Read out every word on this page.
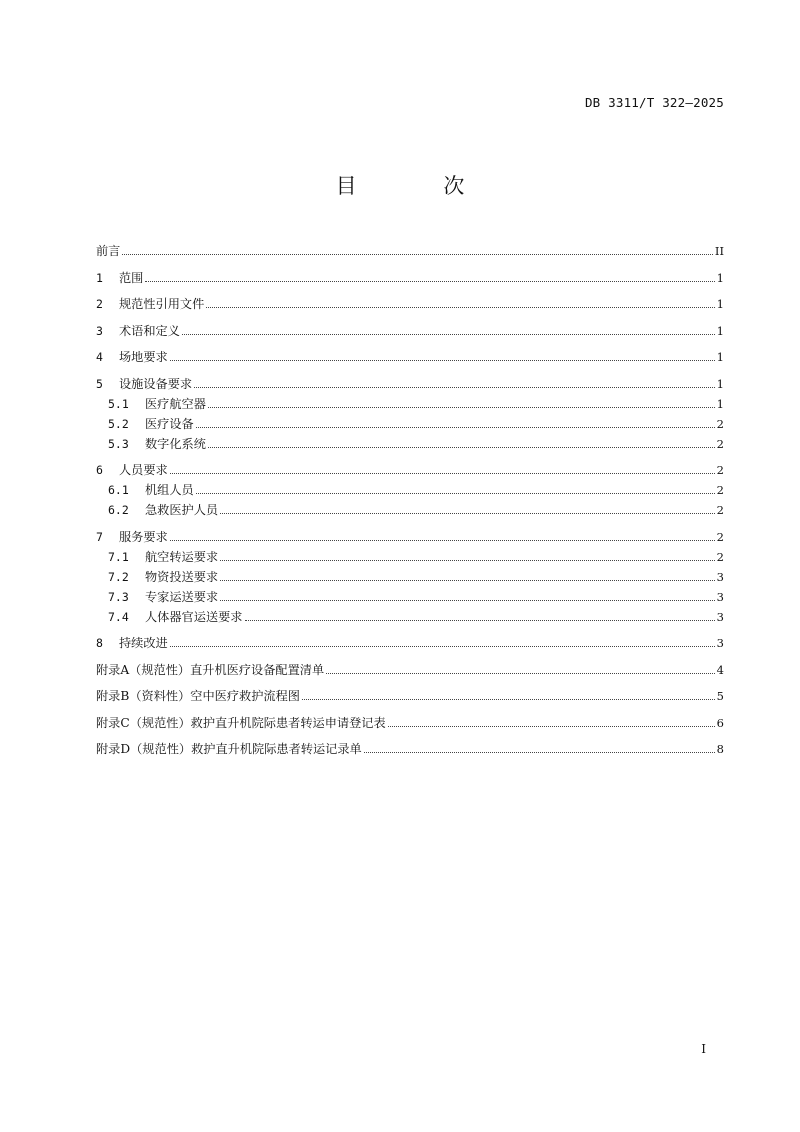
DB 3311/T 322—2025
目 次
前言	II
1	范围	1
2	规范性引用文件	1
3	术语和定义	1
4	场地要求	1
5	设施设备要求	1
5.1	医疗航空器	1
5.2	医疗设备	2
5.3	数字化系统	2
6	人员要求	2
6.1	机组人员	2
6.2	急救医护人员	2
7	服务要求	2
7.1	航空转运要求	2
7.2	物资投送要求	3
7.3	专家运送要求	3
7.4	人体器官运送要求	3
8	持续改进	3
附录A（规范性）直升机医疗设备配置清单	4
附录B（资料性）空中医疗救护流程图	5
附录C（规范性）救护直升机院际患者转运申请登记表	6
附录D（规范性）救护直升机院际患者转运记录单	8
I
